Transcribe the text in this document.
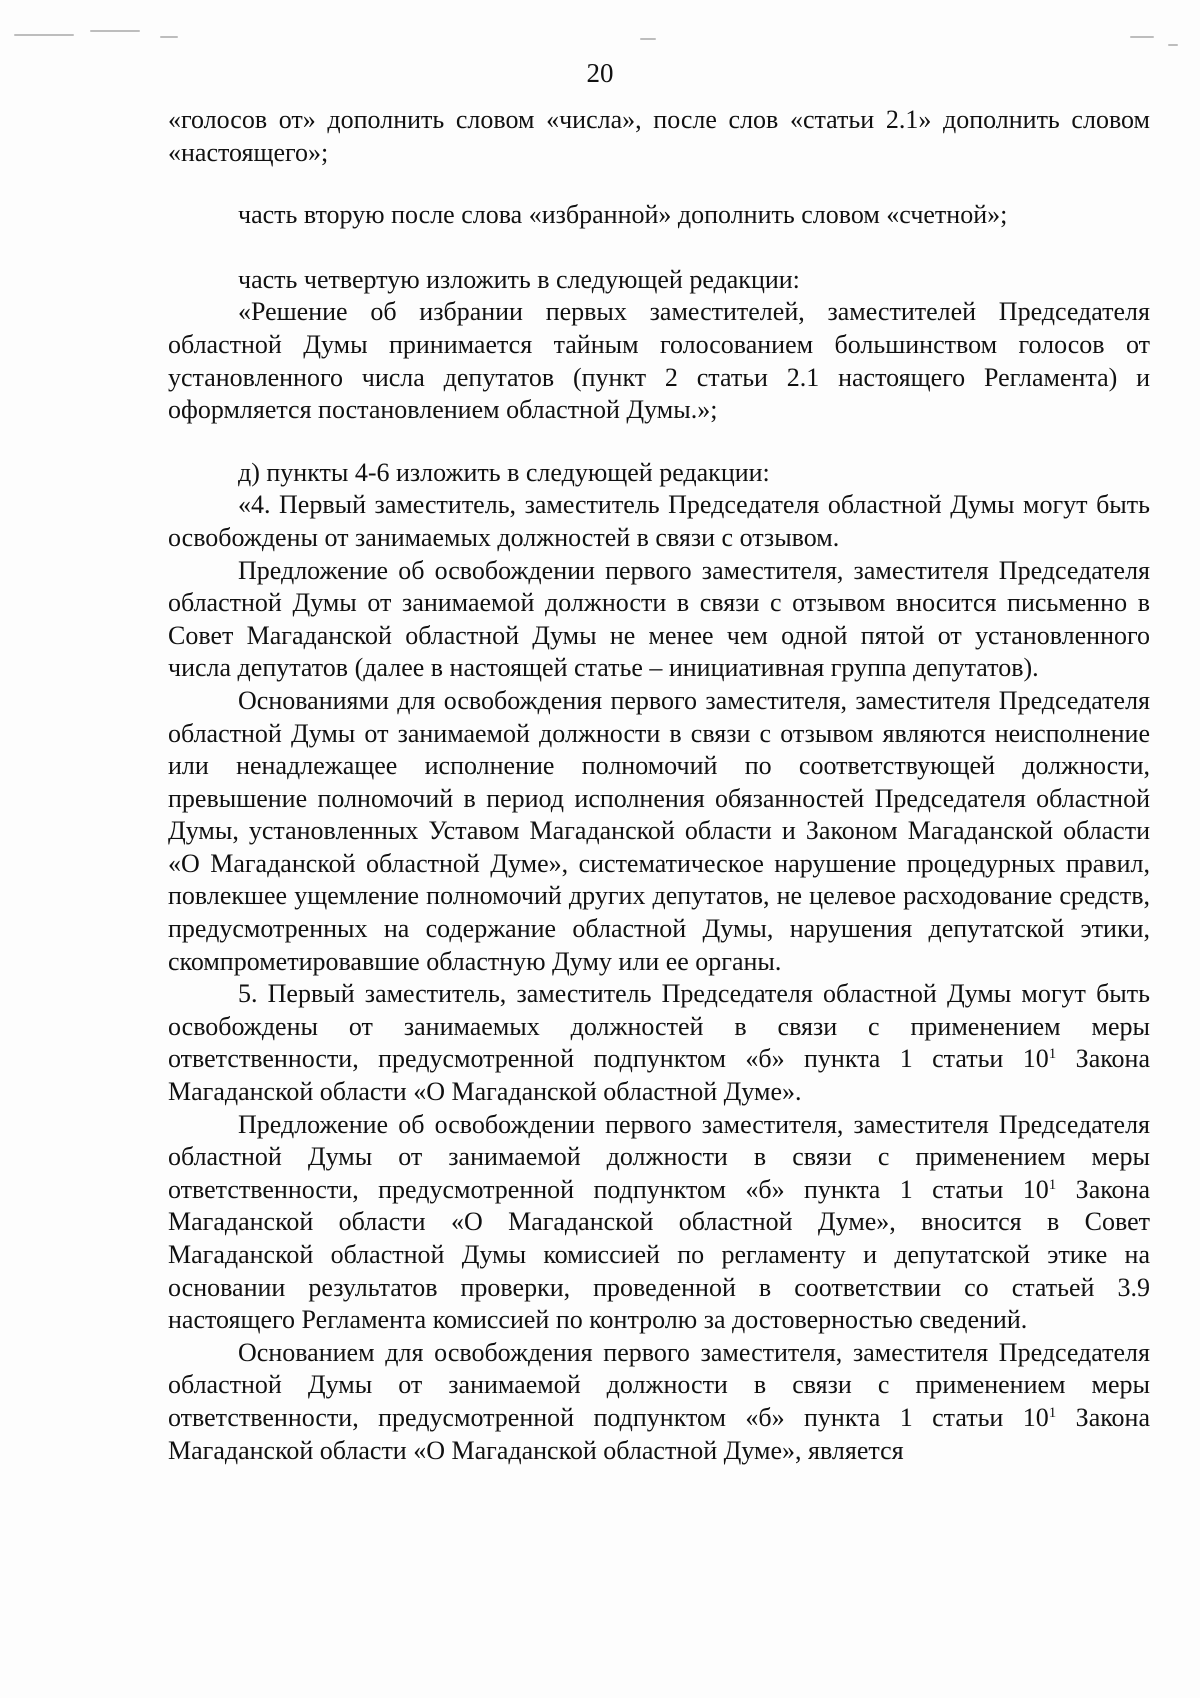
20

«голосов от» дополнить словом «числа», после слов «статьи 2.1» дополнить словом «настоящего»;

часть вторую после слова «избранной» дополнить словом «счетной»;

часть четвертую изложить в следующей редакции:

«Решение об избрании первых заместителей, заместителей Председателя областной Думы принимается тайным голосованием большинством голосов от установленного числа депутатов (пункт 2 статьи 2.1 настоящего Регламента) и оформляется постановлением областной Думы.»;

д) пункты 4-6 изложить в следующей редакции:

«4. Первый заместитель, заместитель Председателя областной Думы могут быть освобождены от занимаемых должностей в связи с отзывом.

Предложение об освобождении первого заместителя, заместителя Председателя областной Думы от занимаемой должности в связи с отзывом вносится письменно в Совет Магаданской областной Думы не менее чем одной пятой от установленного числа депутатов (далее в настоящей статье – инициативная группа депутатов).

Основаниями для освобождения первого заместителя, заместителя Председателя областной Думы от занимаемой должности в связи с отзывом являются неисполнение или ненадлежащее исполнение полномочий по соответствующей должности, превышение полномочий в период исполнения обязанностей Председателя областной Думы, установленных Уставом Магаданской области и Законом Магаданской области «О Магаданской областной Думе», систематическое нарушение процедурных правил, повлекшее ущемление полномочий других депутатов, не целевое расходование средств, предусмотренных на содержание областной Думы, нарушения депутатской этики, скомпрометировавшие областную Думу или ее органы.

5. Первый заместитель, заместитель Председателя областной Думы могут быть освобождены от занимаемых должностей в связи с применением меры ответственности, предусмотренной подпунктом «б» пункта 1 статьи $10^1$ Закона Магаданской области «О Магаданской областной Думе».

Предложение об освобождении первого заместителя, заместителя Председателя областной Думы от занимаемой должности в связи с применением меры ответственности, предусмотренной подпунктом «б» пункта 1 статьи $10^1$ Закона Магаданской области «О Магаданской областной Думе», вносится в Совет Магаданской областной Думы комиссией по регламенту и депутатской этике на основании результатов проверки, проведенной в соответствии со статьей 3.9 настоящего Регламента комиссией по контролю за достоверностью сведений.

Основанием для освобождения первого заместителя, заместителя Председателя областной Думы от занимаемой должности в связи с применением меры ответственности, предусмотренной подпунктом «б» пункта 1 статьи $10^1$ Закона Магаданской области «О Магаданской областной Думе», является
